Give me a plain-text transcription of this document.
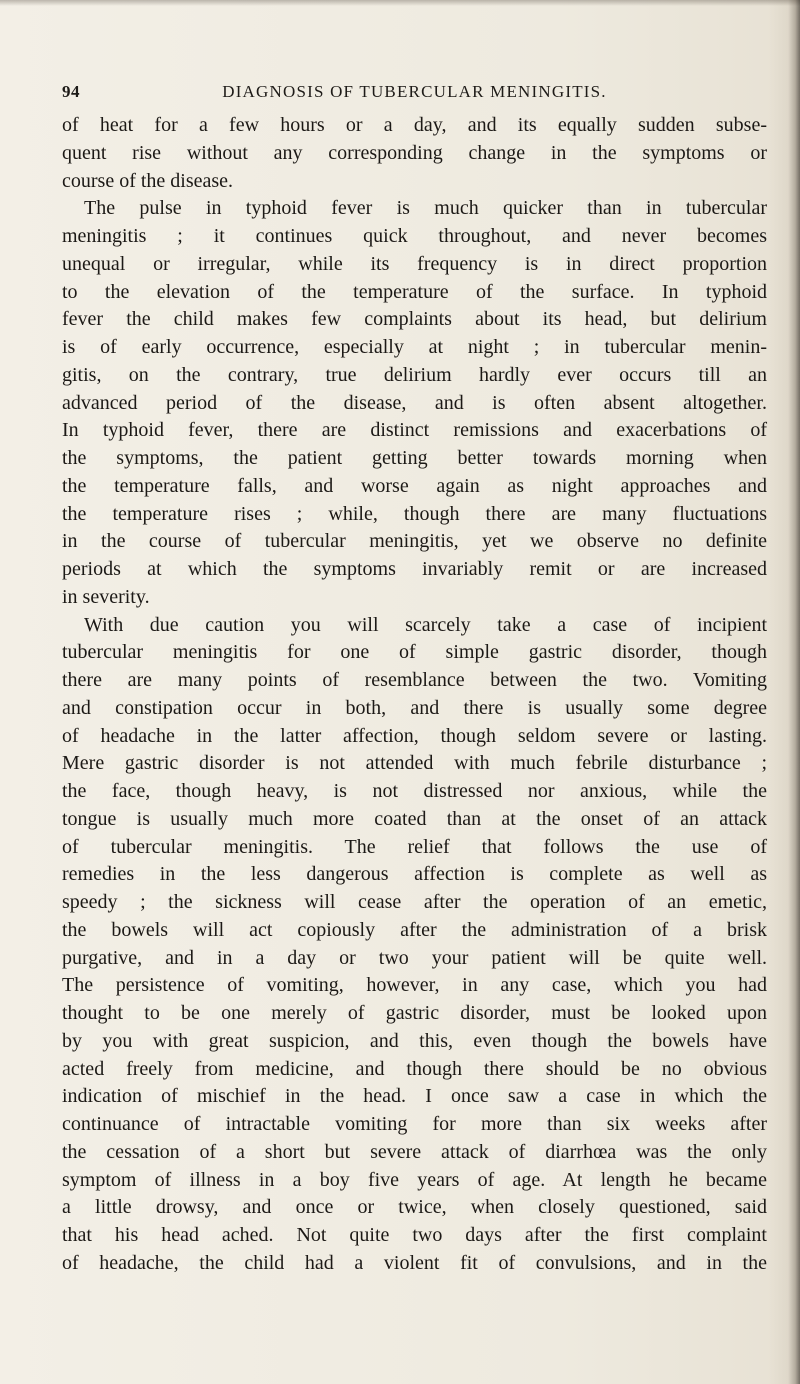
94	DIAGNOSIS OF TUBERCULAR MENINGITIS.
of heat for a few hours or a day, and its equally sudden subse-
quent rise without any corresponding change in the symptoms or
course of the disease.
The pulse in typhoid fever is much quicker than in tubercular
meningitis ; it continues quick throughout, and never becomes
unequal or irregular, while its frequency is in direct proportion
to the elevation of the temperature of the surface. In typhoid
fever the child makes few complaints about its head, but delirium
is of early occurrence, especially at night ; in tubercular menin-
gitis, on the contrary, true delirium hardly ever occurs till an
advanced period of the disease, and is often absent altogether.
In typhoid fever, there are distinct remissions and exacerbations of
the symptoms, the patient getting better towards morning when
the temperature falls, and worse again as night approaches and
the temperature rises ; while, though there are many fluctuations
in the course of tubercular meningitis, yet we observe no definite
periods at which the symptoms invariably remit or are increased
in severity.
With due caution you will scarcely take a case of incipient
tubercular meningitis for one of simple gastric disorder, though
there are many points of resemblance between the two. Vomiting
and constipation occur in both, and there is usually some degree
of headache in the latter affection, though seldom severe or lasting.
Mere gastric disorder is not attended with much febrile disturbance ;
the face, though heavy, is not distressed nor anxious, while the
tongue is usually much more coated than at the onset of an attack
of tubercular meningitis. The relief that follows the use of
remedies in the less dangerous affection is complete as well as
speedy ; the sickness will cease after the operation of an emetic,
the bowels will act copiously after the administration of a brisk
purgative, and in a day or two your patient will be quite well.
The persistence of vomiting, however, in any case, which you had
thought to be one merely of gastric disorder, must be looked upon
by you with great suspicion, and this, even though the bowels have
acted freely from medicine, and though there should be no obvious
indication of mischief in the head. I once saw a case in which the
continuance of intractable vomiting for more than six weeks after
the cessation of a short but severe attack of diarrhœa was the only
symptom of illness in a boy five years of age. At length he became
a little drowsy, and once or twice, when closely questioned, said
that his head ached. Not quite two days after the first complaint
of headache, the child had a violent fit of convulsions, and in the
